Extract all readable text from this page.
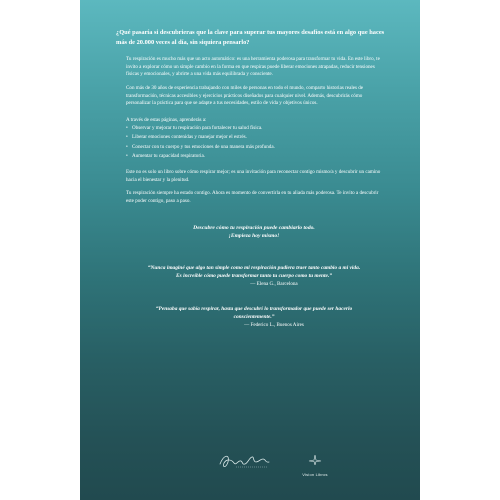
¿Qué pasaría si descubrieras que la clave para superar tus mayores desafíos está en algo que haces más de 20.000 veces al día, sin siquiera pensarlo?

Tu respiración es mucho más que un acto automático: es una herramienta poderosa para transformar tu vida. En este libro, te invito a explorar cómo un simple cambio en la forma en que respiras puede liberar emociones atrapadas, reducir tensiones físicas y emocionales, y abrirte a una vida más equilibrada y consciente.

Con más de 30 años de experiencia trabajando con miles de personas en todo el mundo, comparto historias reales de transformación, técnicas accesibles y ejercicios prácticos diseñados para cualquier nivel. Además, descubrirás cómo personalizar la práctica para que se adapte a tus necesidades, estilo de vida y objetivos únicos.

A través de estas páginas, aprenderás a:

• Observar y mejorar tu respiración para fortalecer tu salud física.
• Liberar emociones contenidas y manejar mejor el estrés.
• Conectar con tu cuerpo y tus emociones de una manera más profunda.
• Aumentar tu capacidad respiratoria.

Este no es solo un libro sobre cómo respirar mejor; es una invitación para reconectar contigo mismo/a y descubrir un camino hacia el bienestar y la plenitud.

Tu respiración siempre ha estado contigo. Ahora es momento de convertirla en tu aliada más poderosa. Te invito a descubrir este poder contigo, paso a paso.

Descubre cómo tu respiración puede cambiarlo todo.
¡Empieza hoy mismo!

“Nunca imaginé que algo tan simple como mi respiración pudiera traer tanto cambio a mi vida. Es increíble cómo puede transformar tanto tu cuerpo como tu mente.”

— Elena G., Barcelona

“Pensaba que sabía respirar, hasta que descubrí lo transformador que puede ser hacerlo conscientemente.”

— Federico L., Buenos Aires

Vision Libros
